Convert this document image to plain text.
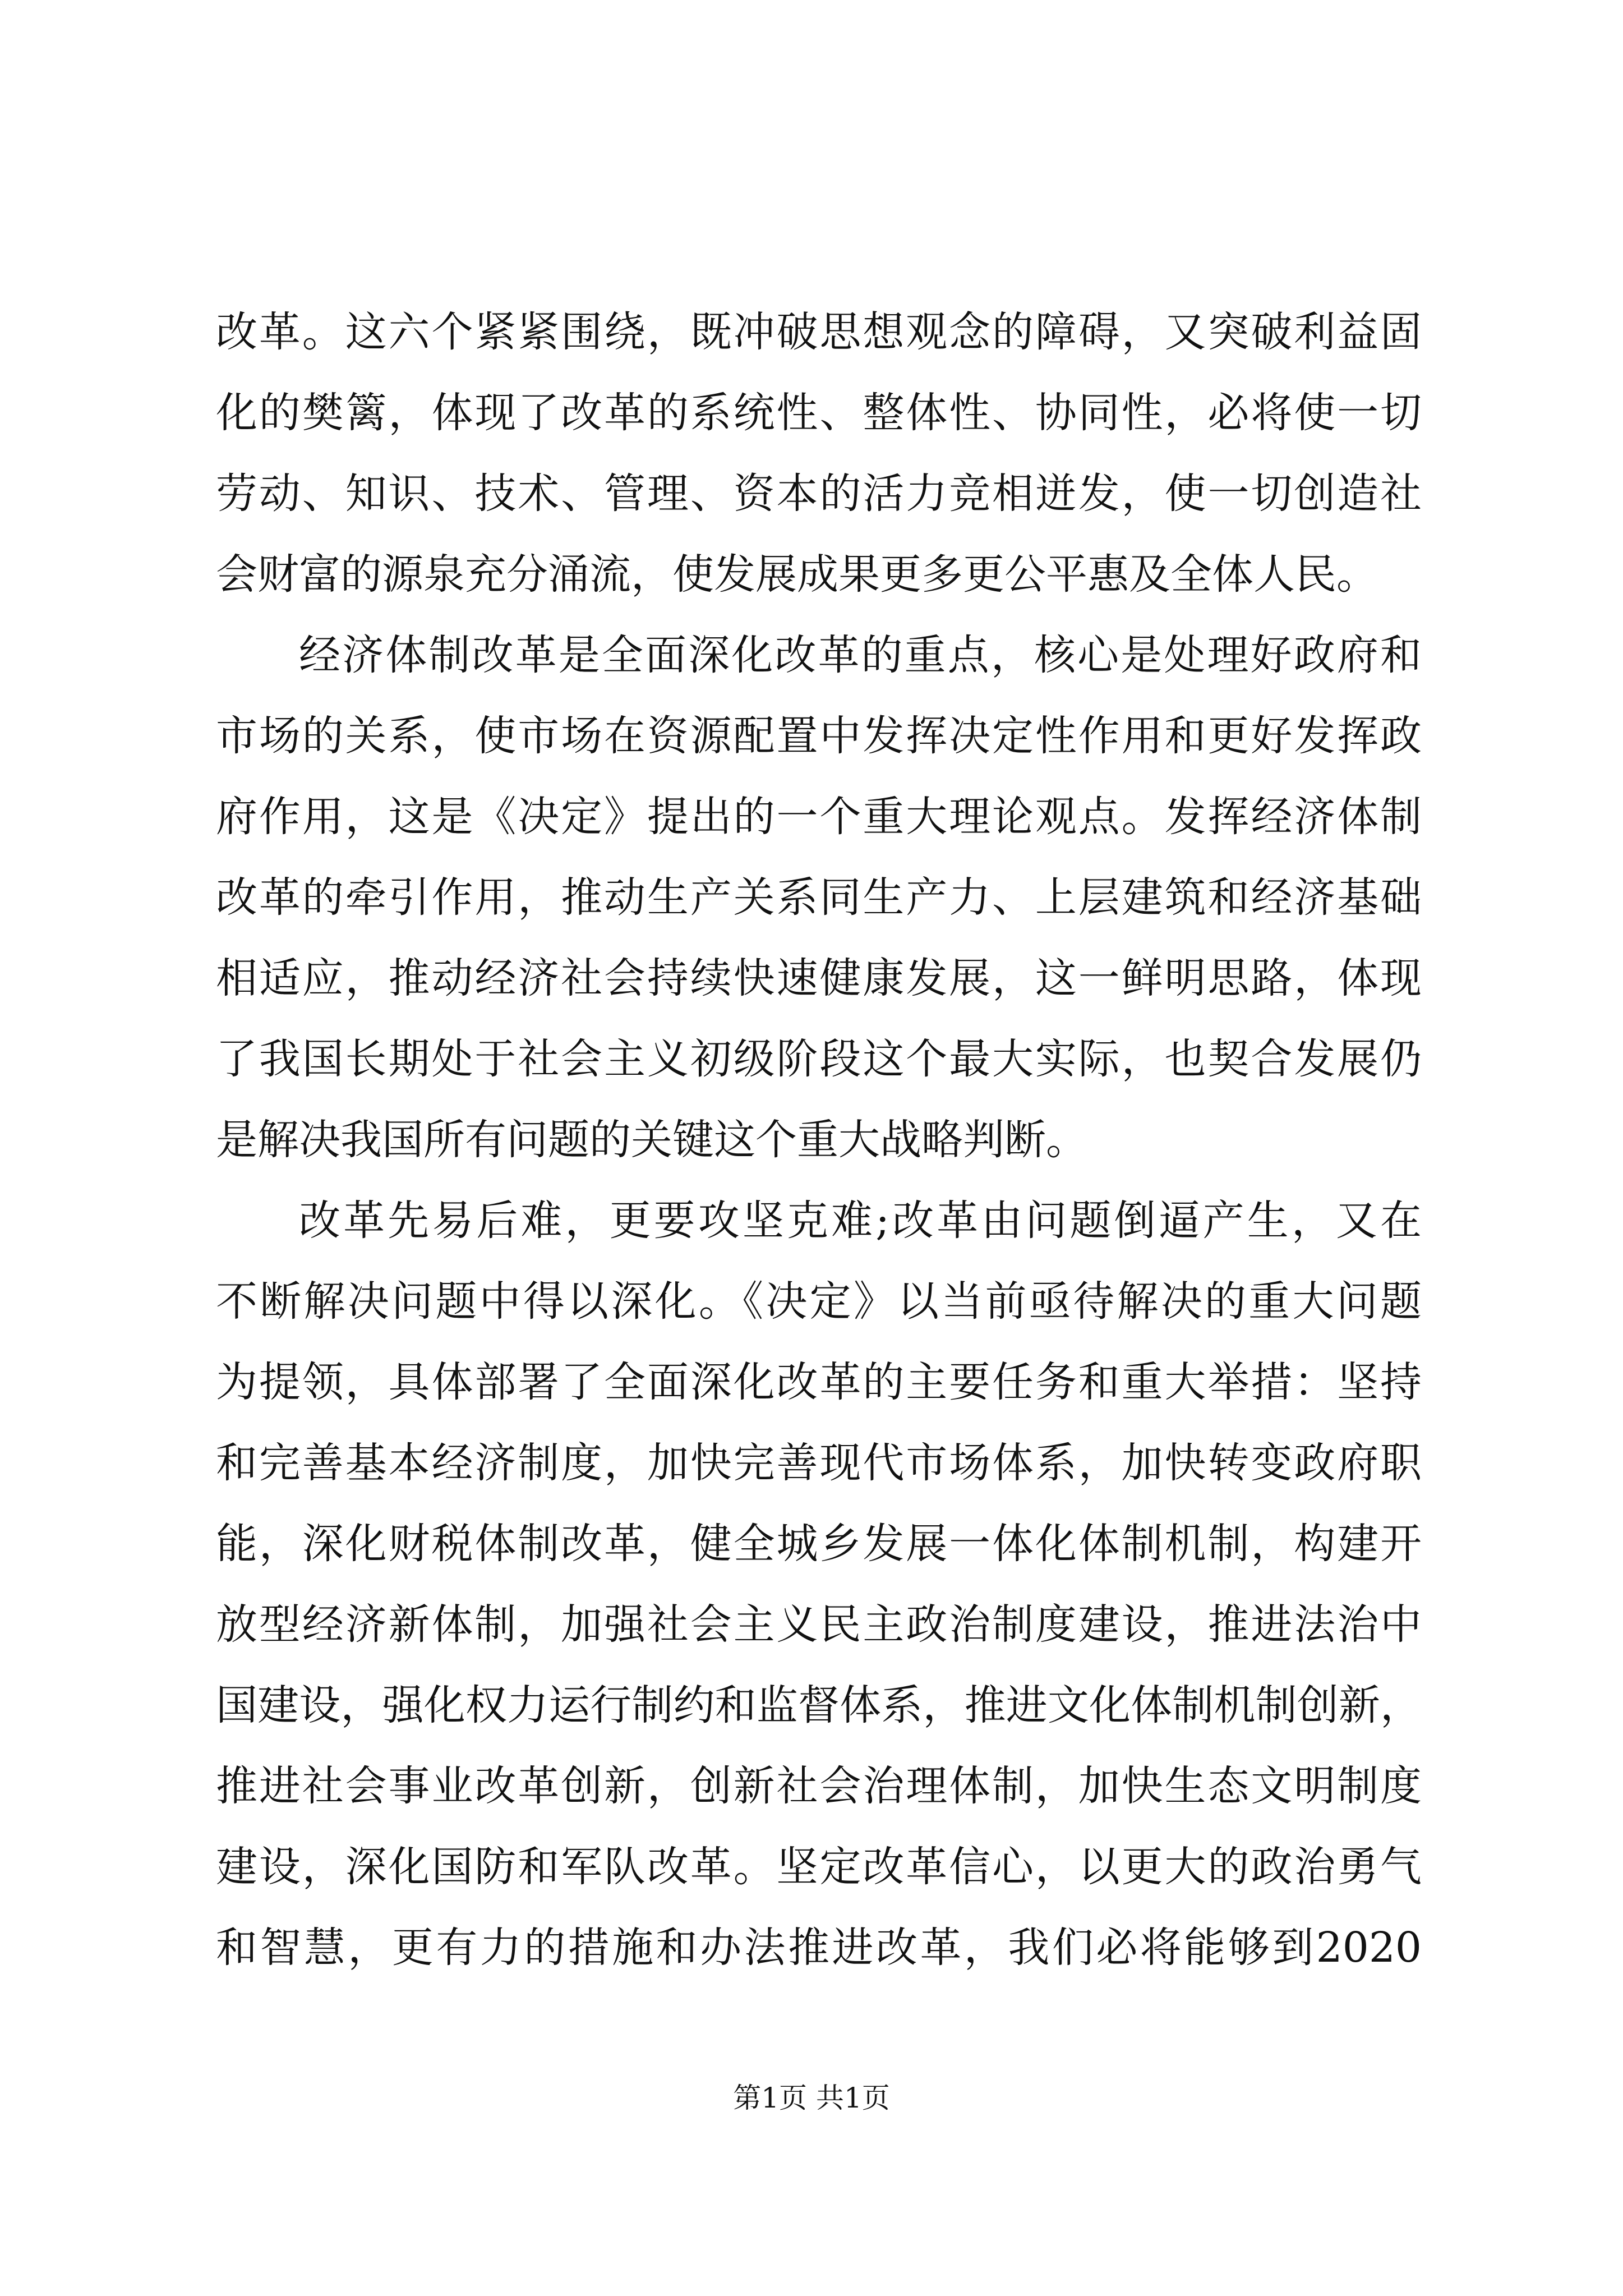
改革。这六个紧紧围绕，既冲破思想观念的障碍，又突破利益固
化的樊篱，体现了改革的系统性、整体性、协同性，必将使一切
劳动、知识、技术、管理、资本的活力竞相迸发，使一切创造社
会财富的源泉充分涌流，使发展成果更多更公平惠及全体人民。
经济体制改革是全面深化改革的重点，核心是处理好政府和
市场的关系，使市场在资源配置中发挥决定性作用和更好发挥政
府作用，这是《决定》提出的一个重大理论观点。发挥经济体制
改革的牵引作用，推动生产关系同生产力、上层建筑和经济基础
相适应，推动经济社会持续快速健康发展，这一鲜明思路，体现
了我国长期处于社会主义初级阶段这个最大实际，也契合发展仍
是解决我国所有问题的关键这个重大战略判断。
改革先易后难，更要攻坚克难;改革由问题倒逼产生，又在
不断解决问题中得以深化。《决定》以当前亟待解决的重大问题
为提领，具体部署了全面深化改革的主要任务和重大举措：坚持
和完善基本经济制度，加快完善现代市场体系，加快转变政府职
能，深化财税体制改革，健全城乡发展一体化体制机制，构建开
放型经济新体制，加强社会主义民主政治制度建设，推进法治中
国建设，强化权力运行制约和监督体系，推进文化体制机制创新，
推进社会事业改革创新，创新社会治理体制，加快生态文明制度
建设，深化国防和军队改革。坚定改革信心，以更大的政治勇气
和智慧，更有力的措施和办法推进改革，我们必将能够到2020
第1页 共1页
